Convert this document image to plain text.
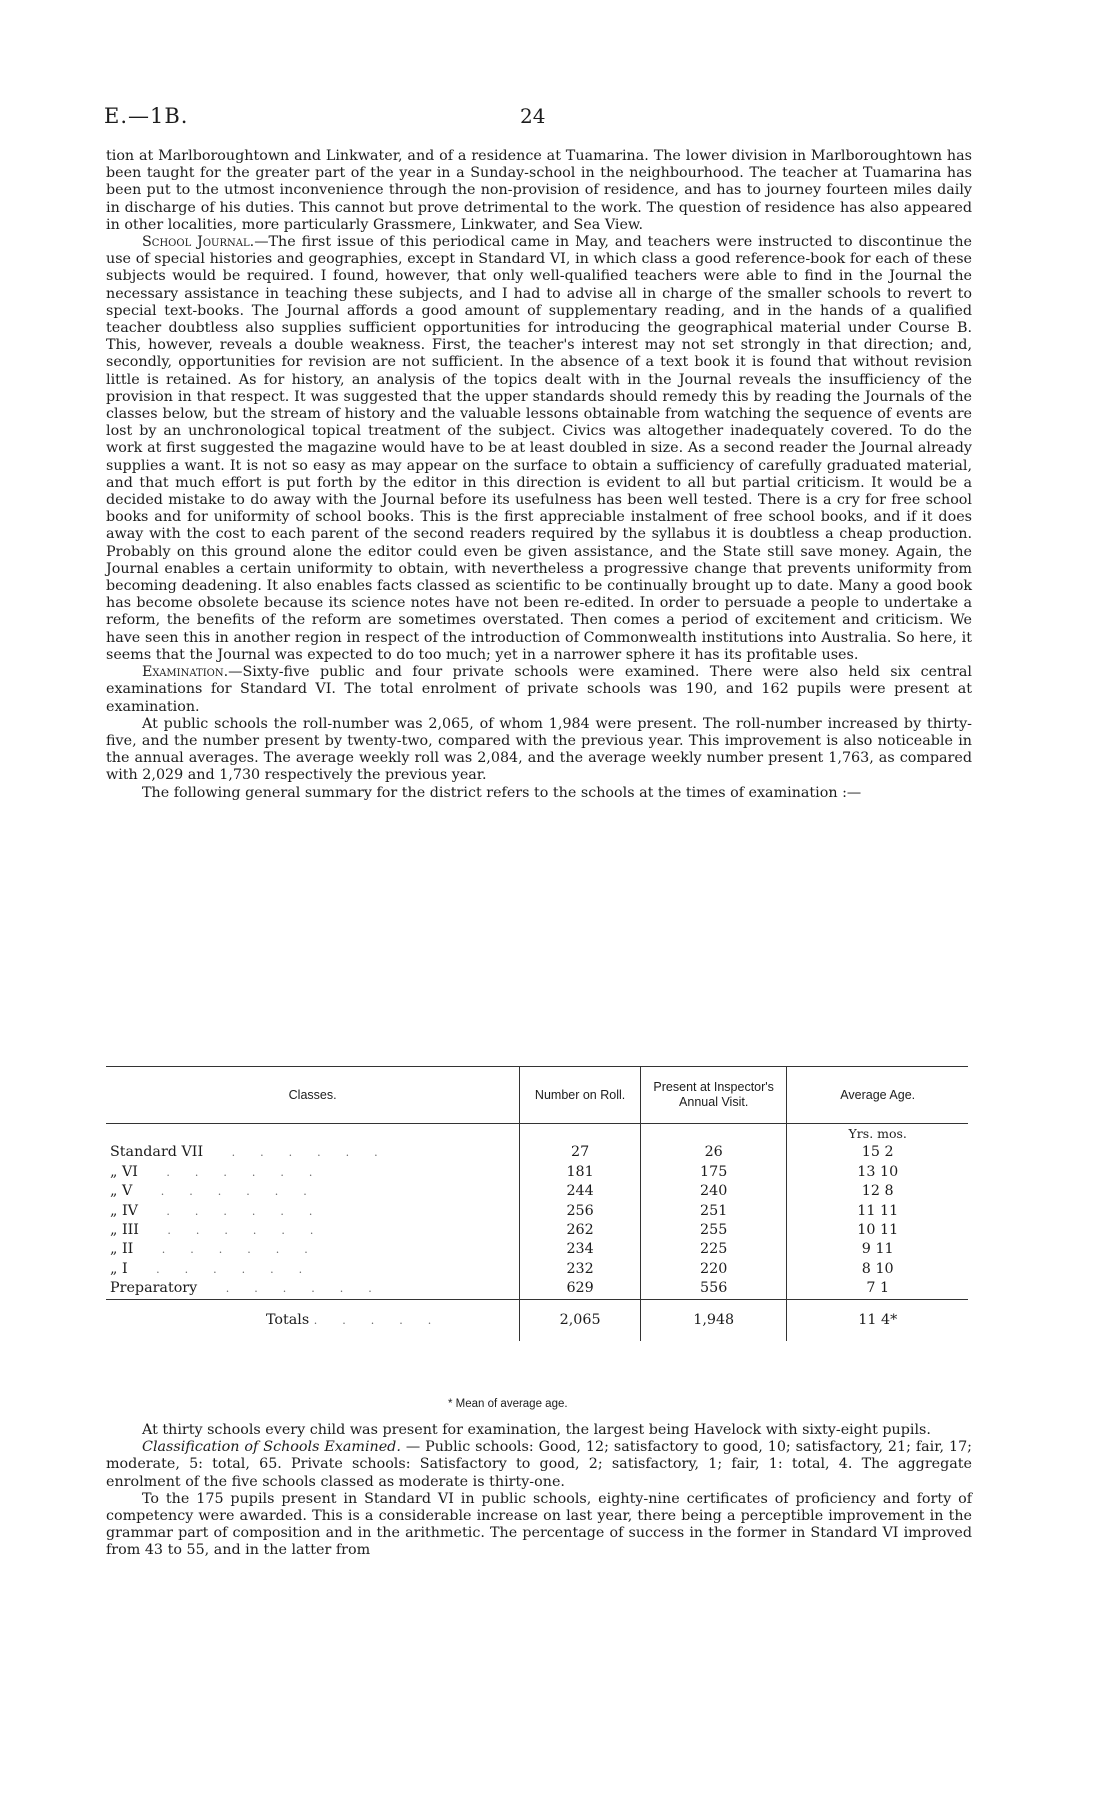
E.—1B.	24

tion at Marlboroughtown and Linkwater, and of a residence at Tuamarina. The lower division in Marlboroughtown has been taught for the greater part of the year in a Sunday-school in the neighbourhood. The teacher at Tuamarina has been put to the utmost inconvenience through the non-provision of residence, and has to journey fourteen miles daily in discharge of his duties. This cannot but prove detrimental to the work. The question of residence has also appeared in other localities, more particularly Grassmere, Linkwater, and Sea View.

School Journal.—The first issue of this periodical came in May, and teachers were instructed to discontinue the use of special histories and geographies, except in Standard VI, in which class a good reference-book for each of these subjects would be required. I found, however, that only well-qualified teachers were able to find in the Journal the necessary assistance in teaching these subjects, and I had to advise all in charge of the smaller schools to revert to special text-books. The Journal affords a good amount of supplementary reading, and in the hands of a qualified teacher doubtless also supplies sufficient opportunities for introducing the geographical material under Course B. This, however, reveals a double weakness. First, the teacher's interest may not set strongly in that direction; and, secondly, opportunities for revision are not sufficient. In the absence of a text book it is found that without revision little is retained. As for history, an analysis of the topics dealt with in the Journal reveals the insufficiency of the provision in that respect. It was suggested that the upper standards should remedy this by reading the Journals of the classes below, but the stream of history and the valuable lessons obtainable from watching the sequence of events are lost by an unchronological topical treatment of the subject. Civics was altogether inadequately covered. To do the work at first suggested the magazine would have to be at least doubled in size. As a second reader the Journal already supplies a want. It is not so easy as may appear on the surface to obtain a sufficiency of carefully graduated material, and that much effort is put forth by the editor in this direction is evident to all but partial criticism. It would be a decided mistake to do away with the Journal before its usefulness has been well tested. There is a cry for free school books and for uniformity of school books. This is the first appreciable instalment of free school books, and if it does away with the cost to each parent of the second readers required by the syllabus it is doubtless a cheap production. Probably on this ground alone the editor could even be given assistance, and the State still save money. Again, the Journal enables a certain uniformity to obtain, with nevertheless a progressive change that prevents uniformity from becoming deadening. It also enables facts classed as scientific to be continually brought up to date. Many a good book has become obsolete because its science notes have not been re-edited. In order to persuade a people to undertake a reform, the benefits of the reform are sometimes overstated. Then comes a period of excitement and criticism. We have seen this in another region in respect of the introduction of Commonwealth institutions into Australia. So here, it seems that the Journal was expected to do too much; yet in a narrower sphere it has its profitable uses.

Examination.—Sixty-five public and four private schools were examined. There were also held six central examinations for Standard VI. The total enrolment of private schools was 190, and 162 pupils were present at examination.

At public schools the roll-number was 2,065, of whom 1,984 were present. The roll-number increased by thirty-five, and the number present by twenty-two, compared with the previous year. This improvement is also noticeable in the annual averages. The average weekly roll was 2,084, and the average weekly number present 1,763, as compared with 2,029 and 1,730 respectively the previous year.

The following general summary for the district refers to the schools at the times of examination :—

Classes.	Number on Roll.	Present at Inspector's Annual Visit.	Average Age.
			Yrs. mos.
Standard VII ......	27	26	15 2
„ VI ......	181	175	13 10
„ V ......	244	240	12 8
„ IV ......	256	251	11 11
„ III ......	262	255	10 11
„ II ......	234	225	9 11
„ I ......	232	220	8 10
Preparatory ......	629	556	7 1
Totals .....	2,065	1,948	11 4*
* Mean of average age.

At thirty schools every child was present for examination, the largest being Havelock with sixty-eight pupils.

Classification of Schools Examined. — Public schools: Good, 12; satisfactory to good, 10; satisfactory, 21; fair, 17; moderate, 5: total, 65. Private schools: Satisfactory to good, 2; satisfactory, 1; fair, 1: total, 4. The aggregate enrolment of the five schools classed as moderate is thirty-one.

To the 175 pupils present in Standard VI in public schools, eighty-nine certificates of proficiency and forty of competency were awarded. This is a considerable increase on last year, there being a perceptible improvement in the grammar part of composition and in the arithmetic. The percentage of success in the former in Standard VI improved from 43 to 55, and in the latter from
